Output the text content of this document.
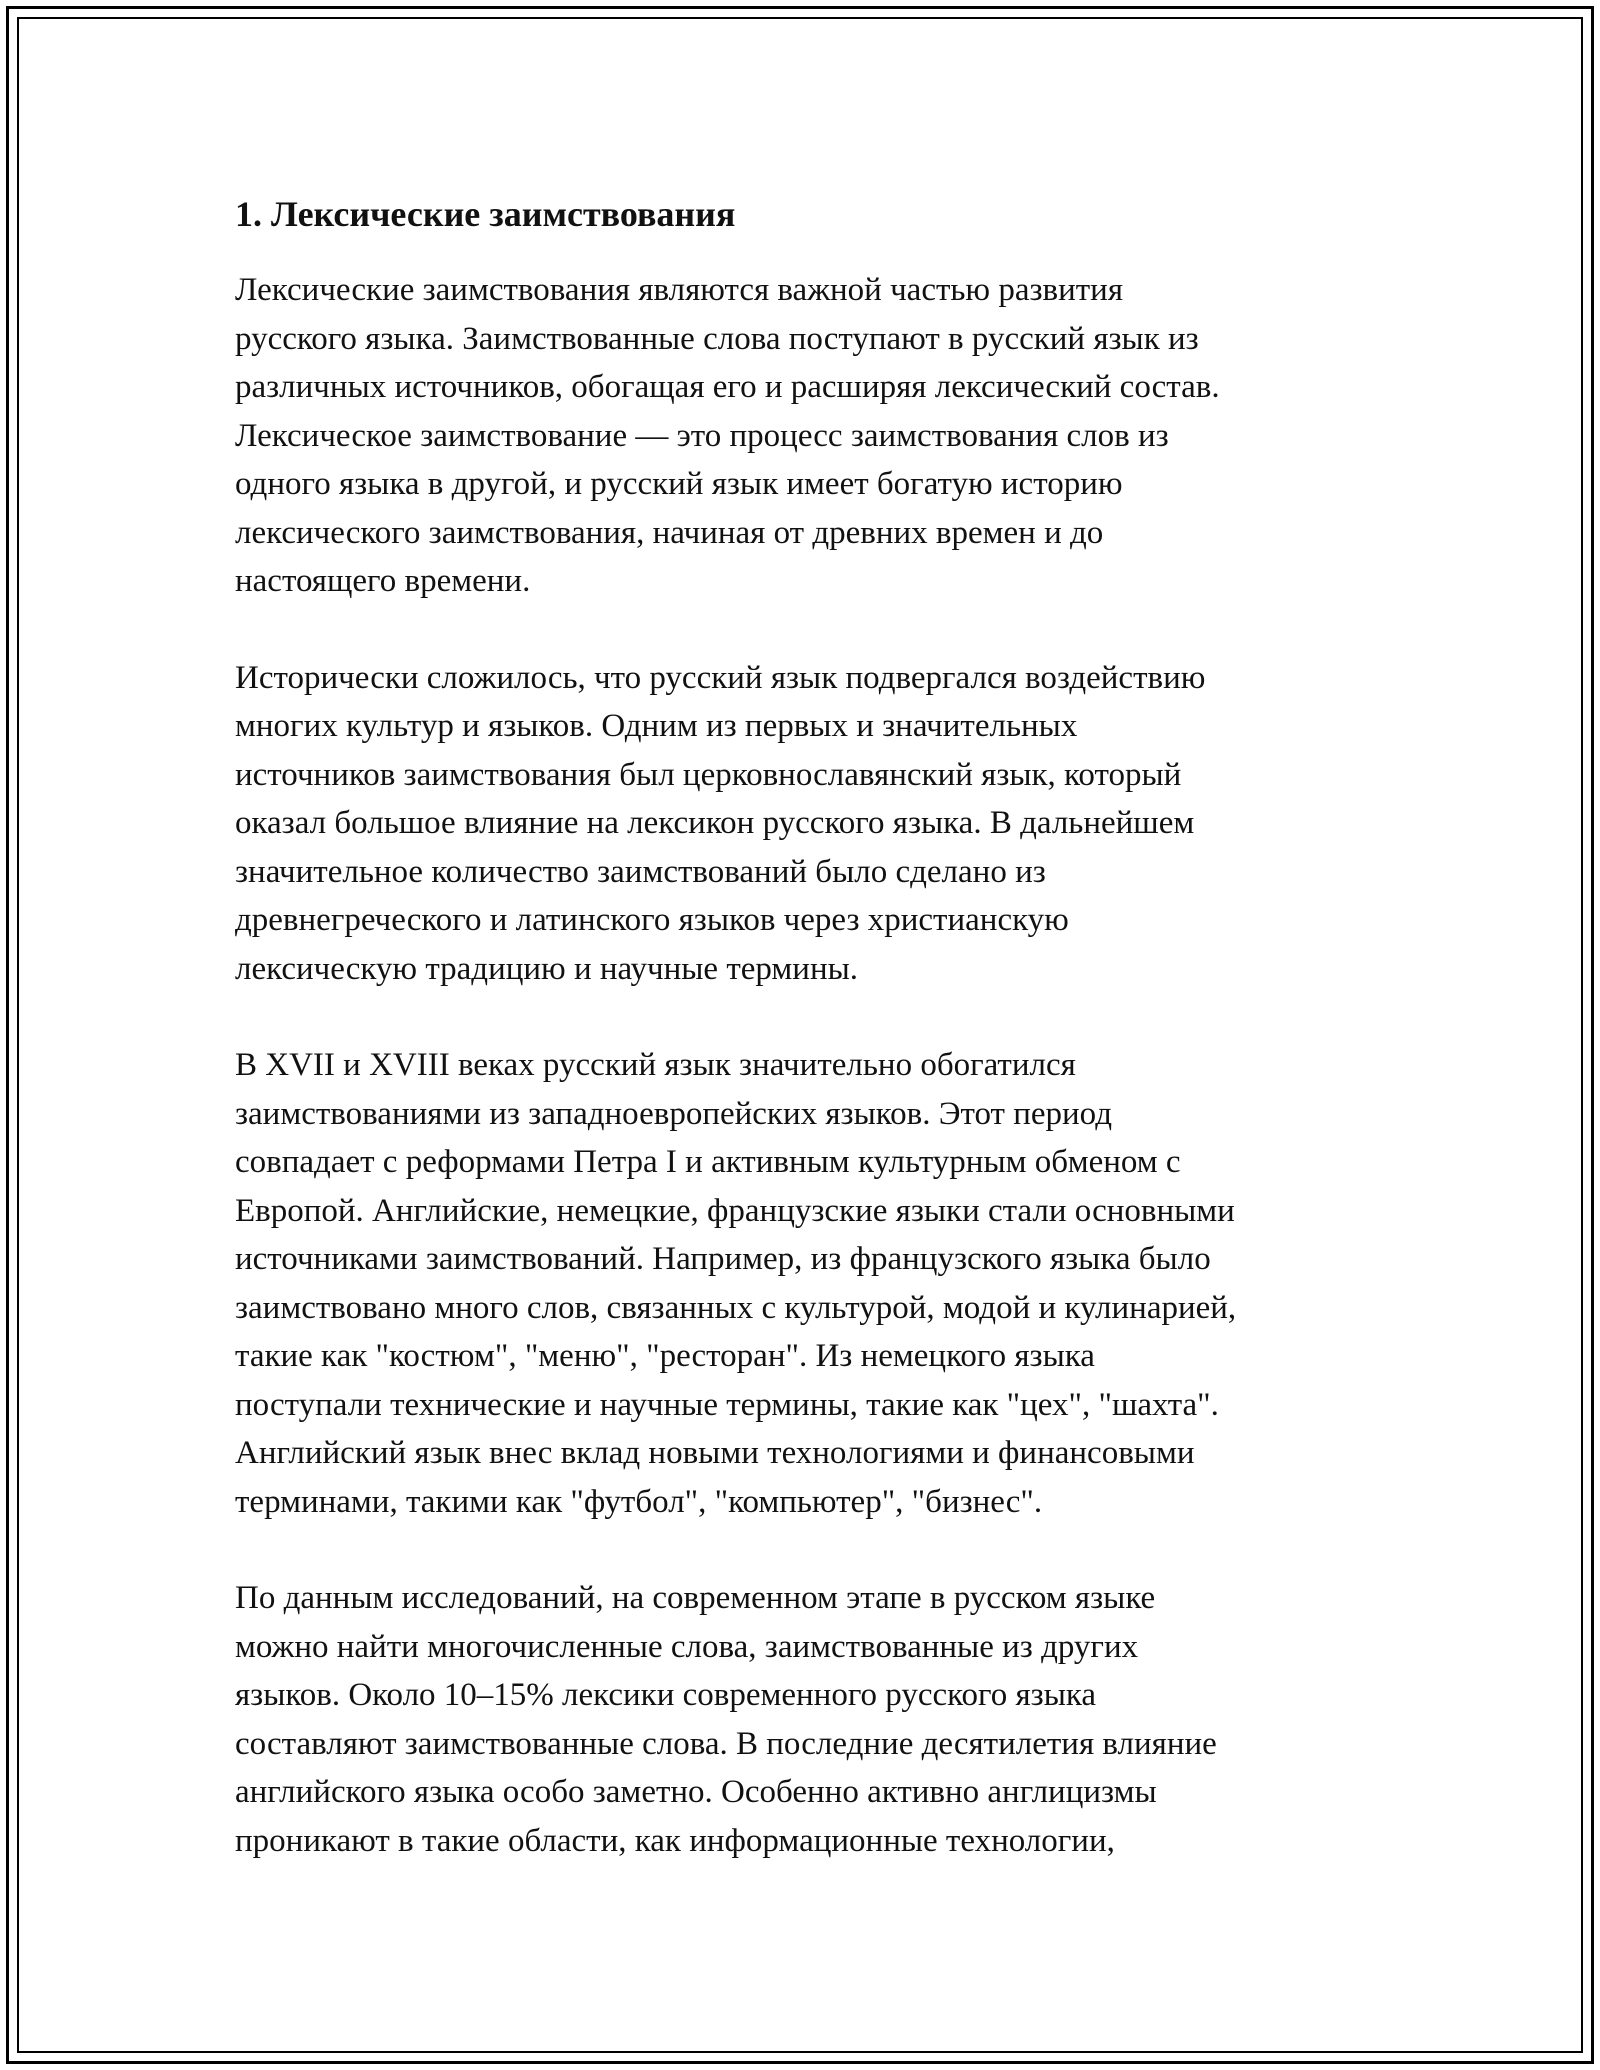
1. Лексические заимствования

Лексические заимствования являются важной частью развития
русского языка. Заимствованные слова поступают в русский язык из
различных источников, обогащая его и расширяя лексический состав.
Лексическое заимствование — это процесс заимствования слов из
одного языка в другой, и русский язык имеет богатую историю
лексического заимствования, начиная от древних времен и до
настоящего времени.

Исторически сложилось, что русский язык подвергался воздействию
многих культур и языков. Одним из первых и значительных
источников заимствования был церковнославянский язык, который
оказал большое влияние на лексикон русского языка. В дальнейшем
значительное количество заимствований было сделано из
древнегреческого и латинского языков через христианскую
лексическую традицию и научные термины.

В XVII и XVIII веках русский язык значительно обогатился
заимствованиями из западноевропейских языков. Этот период
совпадает с реформами Петра I и активным культурным обменом с
Европой. Английские, немецкие, французские языки стали основными
источниками заимствований. Например, из французского языка было
заимствовано много слов, связанных с культурой, модой и кулинарией,
такие как "костюм", "меню", "ресторан". Из немецкого языка
поступали технические и научные термины, такие как "цех", "шахта".
Английский язык внес вклад новыми технологиями и финансовыми
терминами, такими как "футбол", "компьютер", "бизнес".

По данным исследований, на современном этапе в русском языке
можно найти многочисленные слова, заимствованные из других
языков. Около 10–15% лексики современного русского языка
составляют заимствованные слова. В последние десятилетия влияние
английского языка особо заметно. Особенно активно англицизмы
проникают в такие области, как информационные технологии,
